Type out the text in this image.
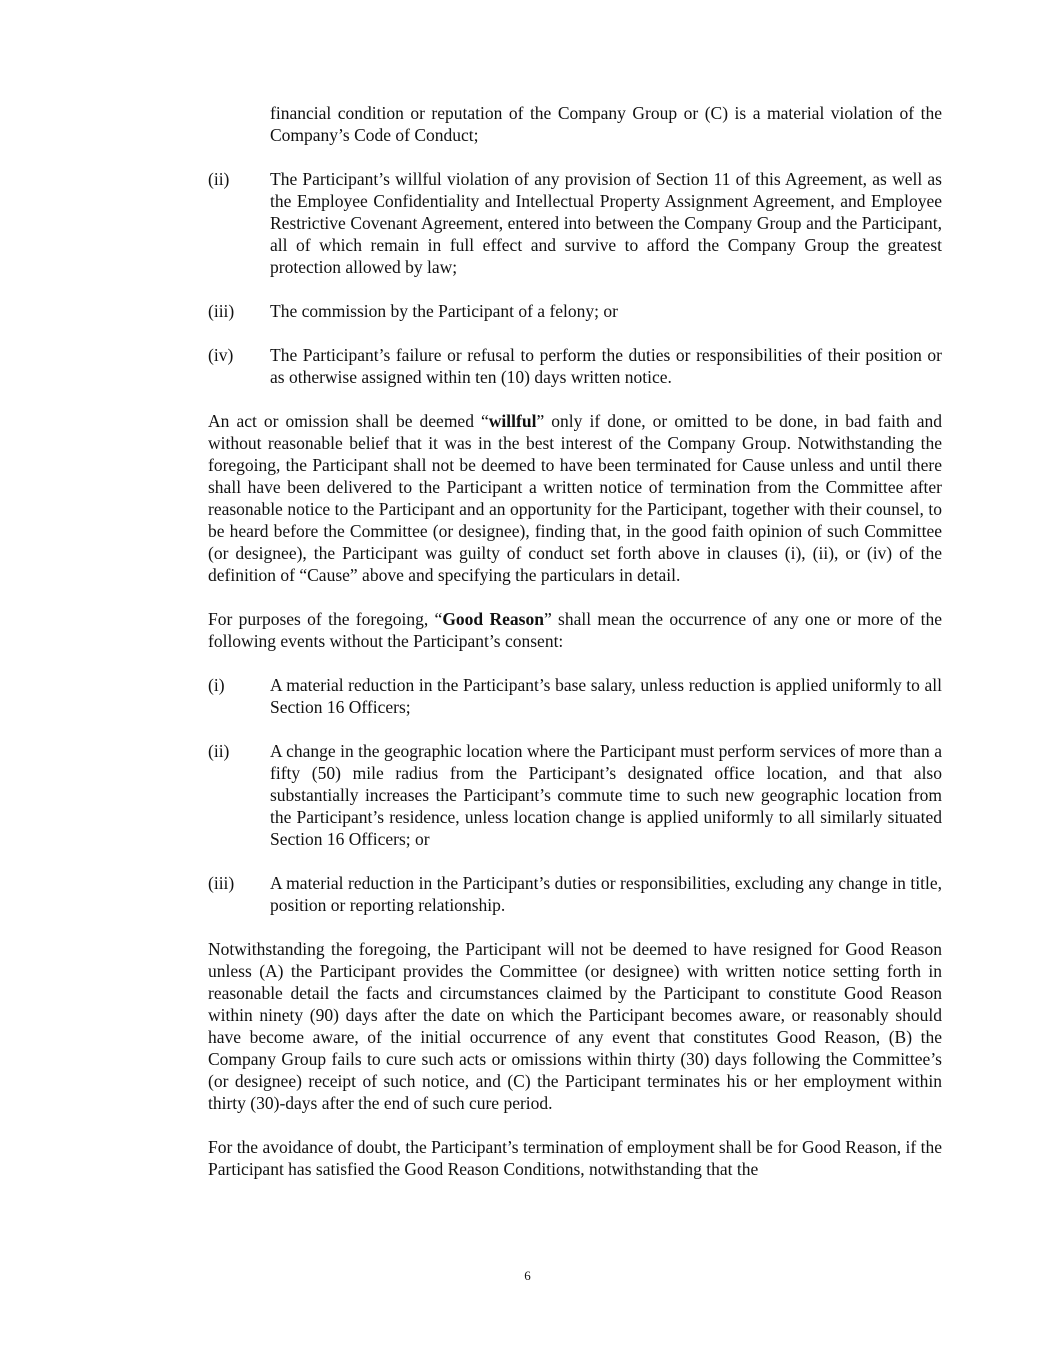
financial condition or reputation of the Company Group or (C) is a material violation of the Company’s Code of Conduct;

(ii)	The Participant’s willful violation of any provision of Section 11 of this Agreement, as well as the Employee Confidentiality and Intellectual Property Assignment Agreement, and Employee Restrictive Covenant Agreement, entered into between the Company Group and the Participant, all of which remain in full effect and survive to afford the Company Group the greatest protection allowed by law;
(iii)	The commission by the Participant of a felony; or
(iv)	The Participant’s failure or refusal to perform the duties or responsibilities of their position or as otherwise assigned within ten (10) days written notice.

An act or omission shall be deemed “willful” only if done, or omitted to be done, in bad faith and without reasonable belief that it was in the best interest of the Company Group. Notwithstanding the foregoing, the Participant shall not be deemed to have been terminated for Cause unless and until there shall have been delivered to the Participant a written notice of termination from the Committee after reasonable notice to the Participant and an opportunity for the Participant, together with their counsel, to be heard before the Committee (or designee), finding that, in the good faith opinion of such Committee (or designee), the Participant was guilty of conduct set forth above in clauses (i), (ii), or (iv) of the definition of “Cause” above and specifying the particulars in detail.

For purposes of the foregoing, “Good Reason” shall mean the occurrence of any one or more of the following events without the Participant’s consent:

(i)	A material reduction in the Participant’s base salary, unless reduction is applied uniformly to all Section 16 Officers;
(ii)	A change in the geographic location where the Participant must perform services of more than a fifty (50) mile radius from the Participant’s designated office location, and that also substantially increases the Participant’s commute time to such new geographic location from the Participant’s residence, unless location change is applied uniformly to all similarly situated Section 16 Officers; or
(iii)	A material reduction in the Participant’s duties or responsibilities, excluding any change in title, position or reporting relationship.

Notwithstanding the foregoing, the Participant will not be deemed to have resigned for Good Reason unless (A) the Participant provides the Committee (or designee) with written notice setting forth in reasonable detail the facts and circumstances claimed by the Participant to constitute Good Reason within ninety (90) days after the date on which the Participant becomes aware, or reasonably should have become aware, of the initial occurrence of any event that constitutes Good Reason, (B) the Company Group fails to cure such acts or omissions within thirty (30) days following the Committee’s (or designee) receipt of such notice, and (C) the Participant terminates his or her employment within thirty (30)-days after the end of such cure period.

For the avoidance of doubt, the Participant’s termination of employment shall be for Good Reason, if the Participant has satisfied the Good Reason Conditions, notwithstanding that the

6
